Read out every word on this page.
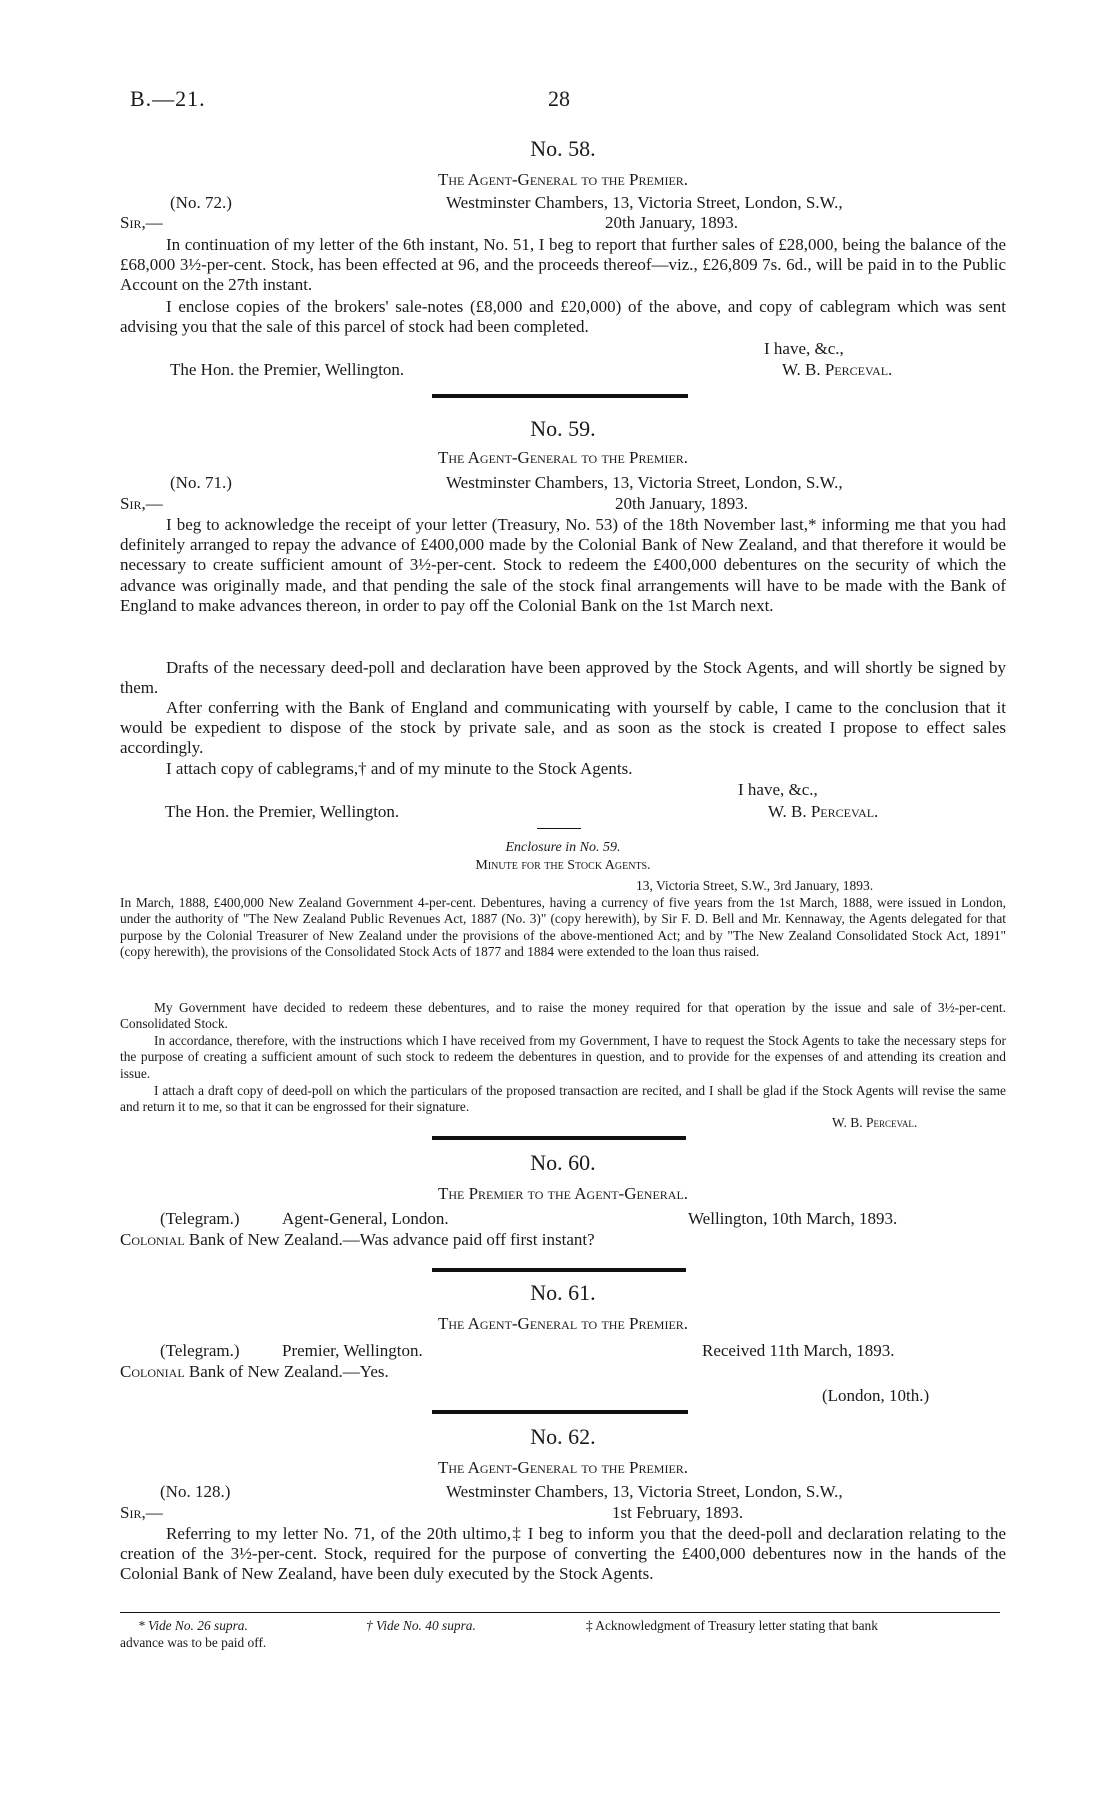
B.—21.	28
No. 58.
The Agent-General to the Premier.
(No. 72.)	Westminster Chambers, 13, Victoria Street, London, S.W.,
Sir,—	20th January, 1893.

In continuation of my letter of the 6th instant, No. 51, I beg to report that further sales of £28,000, being the balance of the £68,000 3½-per-cent. Stock, has been effected at 96, and the proceeds thereof—viz., £26,809 7s. 6d., will be paid in to the Public Account on the 27th instant.

I enclose copies of the brokers' sale-notes (£8,000 and £20,000) of the above, and copy of cablegram which was sent advising you that the sale of this parcel of stock had been completed.

I have, &c.,
The Hon. the Premier, Wellington.	W. B. Perceval.
No. 59.
The Agent-General to the Premier.
(No. 71.)	Westminster Chambers, 13, Victoria Street, London, S.W.,
Sir,—	20th January, 1893.

I beg to acknowledge the receipt of your letter (Treasury, No. 53) of the 18th November last,* informing me that you had definitely arranged to repay the advance of £400,000 made by the Colonial Bank of New Zealand, and that therefore it would be necessary to create sufficient amount of 3½-per-cent. Stock to redeem the £400,000 debentures on the security of which the advance was originally made, and that pending the sale of the stock final arrangements will have to be made with the Bank of England to make advances thereon, in order to pay off the Colonial Bank on the 1st March next.

Drafts of the necessary deed-poll and declaration have been approved by the Stock Agents, and will shortly be signed by them.

After conferring with the Bank of England and communicating with yourself by cable, I came to the conclusion that it would be expedient to dispose of the stock by private sale, and as soon as the stock is created I propose to effect sales accordingly.

I attach copy of cablegrams,† and of my minute to the Stock Agents.

I have, &c.,
The Hon. the Premier, Wellington.	W. B. Perceval.
Enclosure in No. 59.
Minute for the Stock Agents.
13, Victoria Street, S.W., 3rd January, 1893.

In March, 1888, £400,000 New Zealand Government 4-per-cent. Debentures, having a currency of five years from the 1st March, 1888, were issued in London, under the authority of "The New Zealand Public Revenues Act, 1887 (No. 3)" (copy herewith), by Sir F. D. Bell and Mr. Kennaway, the Agents delegated for that purpose by the Colonial Treasurer of New Zealand under the provisions of the above-mentioned Act; and by "The New Zealand Consolidated Stock Act, 1891" (copy herewith), the provisions of the Consolidated Stock Acts of 1877 and 1884 were extended to the loan thus raised.

My Government have decided to redeem these debentures, and to raise the money required for that operation by the issue and sale of 3½-per-cent. Consolidated Stock.

In accordance, therefore, with the instructions which I have received from my Government, I have to request the Stock Agents to take the necessary steps for the purpose of creating a sufficient amount of such stock to redeem the debentures in question, and to provide for the expenses of and attending its creation and issue.

I attach a draft copy of deed-poll on which the particulars of the proposed transaction are recited, and I shall be glad if the Stock Agents will revise the same and return it to me, so that it can be engrossed for their signature.

W. B. Perceval.
No. 60.
The Premier to the Agent-General.
(Telegram.) Agent-General, London.	Wellington, 10th March, 1893.
Colonial Bank of New Zealand.—Was advance paid off first instant?
No. 61.
The Agent-General to the Premier.
(Telegram.) Premier, Wellington.	Received 11th March, 1893.
Colonial Bank of New Zealand.—Yes.
(London, 10th.)
No. 62.
The Agent-General to the Premier.
(No. 128.)	Westminster Chambers, 13, Victoria Street, London, S.W.,
Sir,—	1st February, 1893.

Referring to my letter No. 71, of the 20th ultimo,‡ I beg to inform you that the deed-poll and declaration relating to the creation of the 3½-per-cent. Stock, required for the purpose of converting the £400,000 debentures now in the hands of the Colonial Bank of New Zealand, have been duly executed by the Stock Agents.

* Vide No. 26 supra.	† Vide No. 40 supra.	‡ Acknowledgment of Treasury letter stating that bank
advance was to be paid off.
